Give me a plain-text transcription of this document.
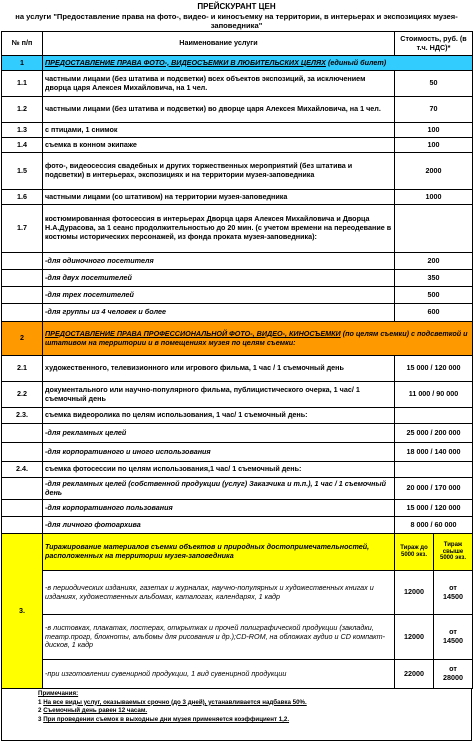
ПРЕЙСКУРАНТ ЦЕН
на услуги "Предоставление права на фото-, видео- и киносъемку на территории, в интерьерах и экспозициях музея-заповедника"
№ п/п	Наименование услуги	Стоимость, руб. (в т.ч. НДС)*	
1	ПРЕДОСТАВЛЕНИЕ ПРАВА ФОТО-, ВИДЕОСЪЕМКИ В ЛЮБИТЕЛЬСКИХ ЦЕЛЯХ (единый билет)		
1.1	частными лицами (без штатива и подсветки) всех объектов экспозиций, за исключением дворца царя Алексея Михайловича, на 1 чел.	50	
1.2	частными лицами (без штатива и подсветки) во дворце царя Алексея Михайловича, на 1 чел.	70	
1.3	с птицами, 1 снимок	100	
1.4	съемка в конном экипаже	100	
1.5	фото-, видеосессия свадебных и других торжественных мероприятий (без штатива и подсветки) в интерьерах, экспозициях и на территории музея-заповедника	2000	
1.6	частными лицами (со штативом) на территории музея-заповедника	1000	
1.7	костюмированная фотосессия в интерьерах Дворца царя Алексея Михайловича и Дворца Н.А.Дурасова, за 1 сеанс продолжительностью до 20 мин. (с учетом времени на переодевание в костюмы исторических персонажей, из фонда проката музея-заповедника):		
	-для одиночного посетителя	200	
	-для двух посетителей	350	
	-для трех посетителей	500	
	-для группы из 4 человек и более	600	
2	ПРЕДОСТАВЛЕНИЕ ПРАВА ПРОФЕССИОНАЛЬНОЙ ФОТО-, ВИДЕО-, КИНОСЪЕМКИ (по целям съемки) с подсветкой и штативом на территории и в помещениях музея по целям съемки:		
2.1	художественного, телевизионного или игрового фильма, 1 час / 1 съемочный день	15 000 / 120 000	
2.2	документального или научно-популярного фильма, публицистического очерка, 1 час/ 1 съемочный день	11 000 / 90 000	
2.3.	съемка видеоролика по целям использования, 1 час/ 1 съемочный день:		
	-для рекламных целей	25 000 / 200 000	
	-для корпоративного и иного использования	18 000 / 140 000	
2.4.	съемка фотосессии по целям использования,1 час/ 1 съемочный день:		
	-для рекламных целей (собственной продукции (услуг) Заказчика и т.п.), 1 час / 1 съемочный день	20 000 / 170 000	
	-для корпоративного пользования	15 000 / 120 000	
	-для личного фотоархива	8 000 / 60 000	
3.	Тиражирование материалов съемки объектов и природных достопримечательностей, расположенных на территории музея-заповедника	Тираж до 5000 экз.	Тираж свыше 5000 экз.
	-в периодических изданиях, газетах и журналах, научно-популярных и художественных книгах и изданиях, художественных альбомах, каталогах, календарях, 1 кадр	12000	от
14500

	-в листовках, плакатах, постерах, открытках и прочей полиграфической продукции (закладки, театр.прогр, блокноты, альбомы для рисования и др.);CD-ROM, на обложках аудио и CD компакт-дисков, 1 кадр	12000	от
14500

	-при изготовлении сувенирной продукции, 1 вид сувенирной продукции	22000	от
28000
Примечания:
1 На все виды услуг, оказываемых срочно (до 3 дней), устанавливается надбавка 50%.
2 Съемочный день равен 12 часам.
3 При проведении съемок в выходные дни музея применяется коэффициент 1,2.
